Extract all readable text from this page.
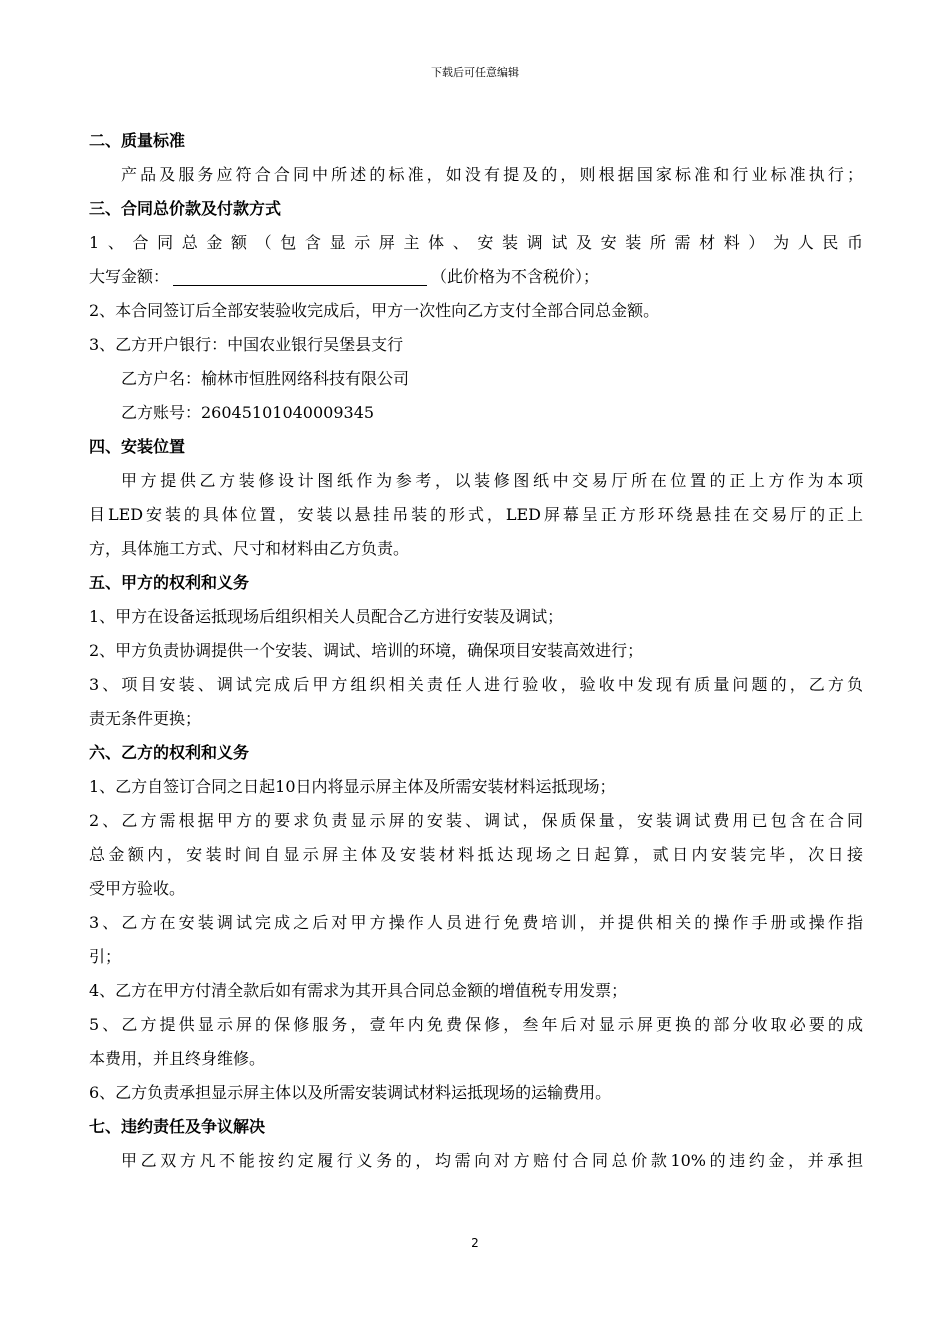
下载后可任意编辑
二、质量标准
产品及服务应符合合同中所述的标准，如没有提及的，则根据国家标准和行业标准执行；
三、合同总价款及付款方式
1、合同总金额（包含显示屏主体、安装调试及安装所需材料）为人民币
大写金额：	（此价格为不含税价）；
2、本合同签订后全部安装验收完成后，甲方一次性向乙方支付全部合同总金额。
3、乙方开户银行：中国农业银行吴堡县支行
乙方户名：榆林市恒胜网络科技有限公司
乙方账号：26045101040009345
四、安装位置
甲方提供乙方装修设计图纸作为参考，以装修图纸中交易厅所在位置的正上方作为本项
目LED安装的具体位置，安装以悬挂吊装的形式，LED屏幕呈正方形环绕悬挂在交易厅的正上
方，具体施工方式、尺寸和材料由乙方负责。
五、甲方的权利和义务
1、甲方在设备运抵现场后组织相关人员配合乙方进行安装及调试；
2、甲方负责协调提供一个安装、调试、培训的环境，确保项目安装高效进行；
3、项目安装、调试完成后甲方组织相关责任人进行验收，验收中发现有质量问题的，乙方负
责无条件更换；
六、乙方的权利和义务
1、乙方自签订合同之日起10日内将显示屏主体及所需安装材料运抵现场；
2、乙方需根据甲方的要求负责显示屏的安装、调试，保质保量，安装调试费用已包含在合同
总金额内，安装时间自显示屏主体及安装材料抵达现场之日起算，贰日内安装完毕，次日接
受甲方验收。
3、乙方在安装调试完成之后对甲方操作人员进行免费培训，并提供相关的操作手册或操作指
引；
4、乙方在甲方付清全款后如有需求为其开具合同总金额的增值税专用发票；
5、乙方提供显示屏的保修服务，壹年内免费保修，叁年后对显示屏更换的部分收取必要的成
本费用，并且终身维修。
6、乙方负责承担显示屏主体以及所需安装调试材料运抵现场的运输费用。
七、违约责任及争议解决
甲乙双方凡不能按约定履行义务的，均需向对方赔付合同总价款10%的违约金，并承担
2
